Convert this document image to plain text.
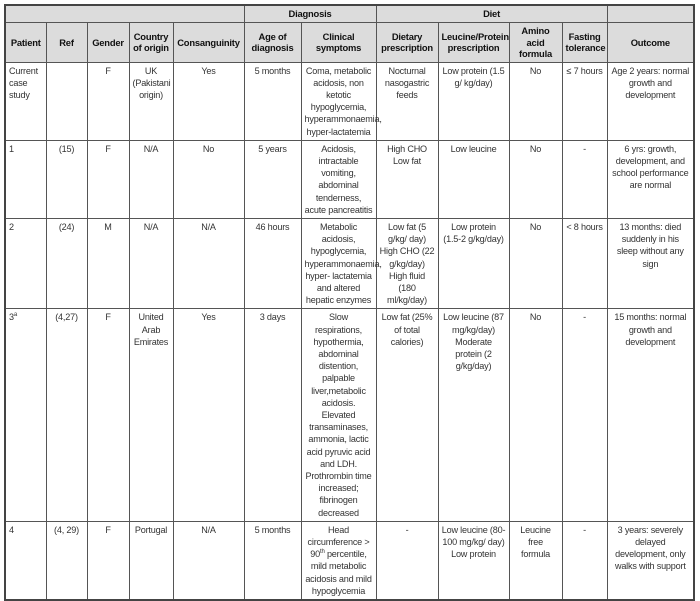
					Diagnosis		Diet				
Patient	Ref	Gender	Country of origin	Consanguinity	Age of diagnosis	Clinical symptoms	Dietary prescription	Leucine/Protein prescription	Amino acid formula	Fasting tolerance	Outcome
Current case study		F	UK (Pakistani origin)	Yes	5 months	Coma, metabolic acidosis, non ketotic hypoglycemia, hyperammonaemia, hyper-lactatemia	Nocturnal nasogastric feeds	Low protein (1.5 g/ kg/day)	No	≤ 7 hours	Age 2 years: normal growth and development
1	(15)	F	N/A	No	5 years	Acidosis, intractable vomiting, abdominal tenderness, acute pancreatitis	High CHO Low fat	Low leucine	No	-	6 yrs: growth, development, and school performance are normal
2	(24)	M	N/A	N/A	46 hours	Metabolic acidosis, hypoglycemia, hyperammonaemia, hyper- lactatemia and altered hepatic enzymes	Low fat (5 g/kg/ day) High CHO (22 g/kg/day) High fluid (180 ml/kg/day)	Low protein (1.5-2 g/kg/day)	No	< 8 hours	13 months: died suddenly in his sleep without any sign
3$^a$	(4,27)	F	United Arab Emirates	Yes	3 days	Slow respirations, hypothermia, abdominal distention, palpable liver,metabolic acidosis. Elevated transaminases, ammonia, lactic acid pyruvic acid and LDH. Prothrombin time increased; fibrinogen decreased	Low fat (25% of total calories)	Low leucine (87 mg/kg/day) Moderate protein (2 g/kg/day)	No	-	15 months: normal growth and development
4	(4, 29)	F	Portugal	N/A	5 months	Head circumference > 90th percentile, mild metabolic acidosis and mild hypoglycemia	-	Low leucine (80-100 mg/kg/ day) Low protein	Leucine free formula	-	3 years: severely delayed development, only walks with support
